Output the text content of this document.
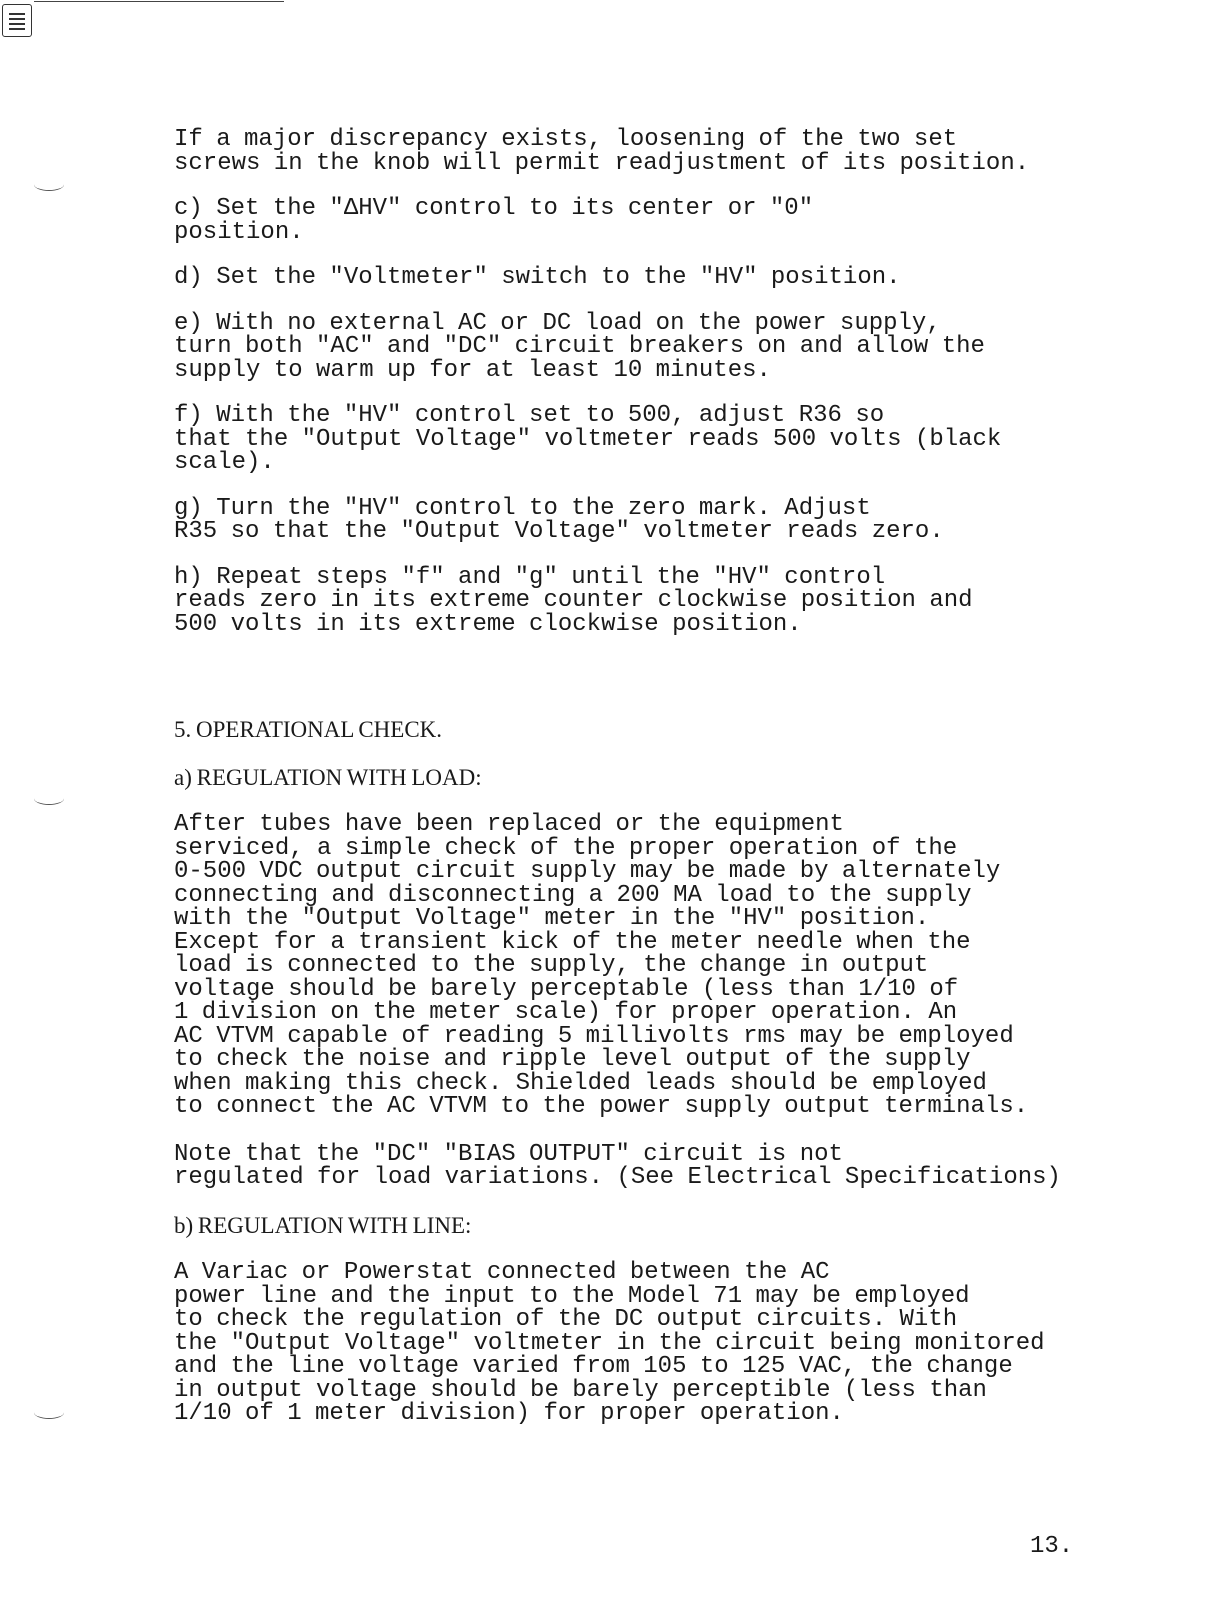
If a major discrepancy exists, loosening of the two set
screws in the knob will permit readjustment of its position.

c) Set the "ΔHV" control to its center or "0"
position.

d) Set the "Voltmeter" switch to the "HV" position.

e) With no external AC or DC load on the power supply,
turn both "AC" and "DC" circuit breakers on and allow the
supply to warm up for at least 10 minutes.

f) With the "HV" control set to 500, adjust R36 so
that the "Output Voltage" voltmeter reads 500 volts (black
scale).

g) Turn the "HV" control to the zero mark. Adjust
R35 so that the "Output Voltage" voltmeter reads zero.

h) Repeat steps "f" and "g" until the "HV" control
reads zero in its extreme counter clockwise position and
500 volts in its extreme clockwise position.

5. OPERATIONAL CHECK.

a) REGULATION WITH LOAD:

After tubes have been replaced or the equipment
serviced, a simple check of the proper operation of the
0-500 VDC output circuit supply may be made by alternately
connecting and disconnecting a 200 MA load to the supply
with the "Output Voltage" meter in the "HV" position.
Except for a transient kick of the meter needle when the
load is connected to the supply, the change in output
voltage should be barely perceptable (less than 1/10 of
1 division on the meter scale) for proper operation. An
AC VTVM capable of reading 5 millivolts rms may be employed
to check the noise and ripple level output of the supply
when making this check. Shielded leads should be employed
to connect the AC VTVM to the power supply output terminals.

Note that the "DC" "BIAS OUTPUT" circuit is not
regulated for load variations. (See Electrical Specifications)

b) REGULATION WITH LINE:

A Variac or Powerstat connected between the AC
power line and the input to the Model 71 may be employed
to check the regulation of the DC output circuits. With
the "Output Voltage" voltmeter in the circuit being monitored
and the line voltage varied from 105 to 125 VAC, the change
in output voltage should be barely perceptible (less than
1/10 of 1 meter division) for proper operation.

13.
